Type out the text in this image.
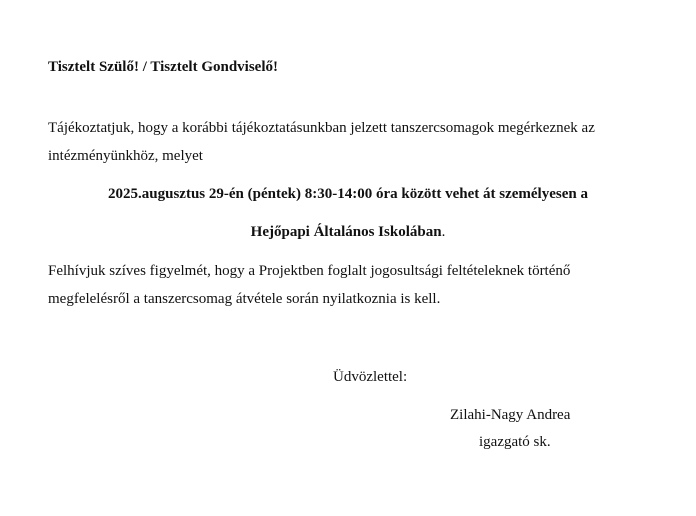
Tisztelt Szülő! / Tisztelt Gondviselő!
Tájékoztatjuk, hogy a korábbi tájékoztatásunkban jelzett tanszercsomagok megérkeznek az
intézményünkhöz, melyet
2025.augusztus 29-én (péntek) 8:30-14:00 óra között vehet át személyesen a
Hejőpapi Általános Iskolában.
Felhívjuk szíves figyelmét, hogy a Projektben foglalt jogosultsági feltételeknek történő
megfelelésről a tanszercsomag átvétele során nyilatkoznia is kell.
Üdvözlettel:
Zilahi-Nagy Andrea
igazgató sk.
